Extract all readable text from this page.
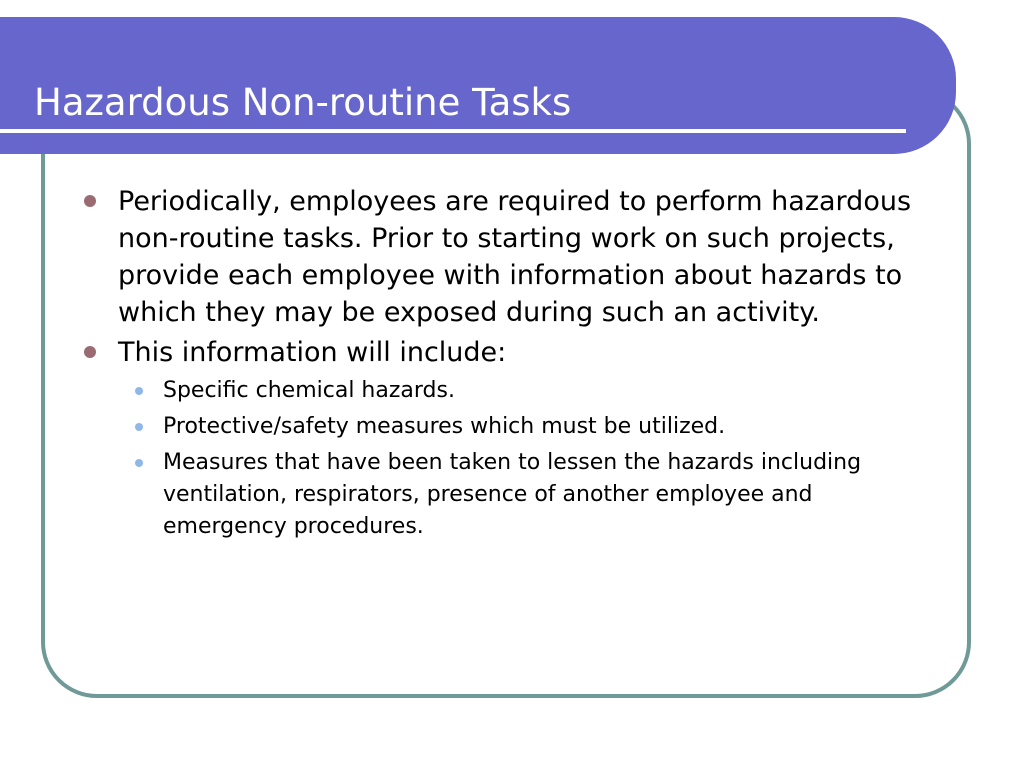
Hazardous Non-routine Tasks
Periodically, employees are required to perform hazardous non-routine tasks. Prior to starting work on such projects, provide each employee with information about hazards to which they may be exposed during such an activity.
This information will include:
Specific chemical hazards.
Protective/safety measures which must be utilized.
Measures that have been taken to lessen the hazards including ventilation, respirators, presence of another employee and emergency procedures.
